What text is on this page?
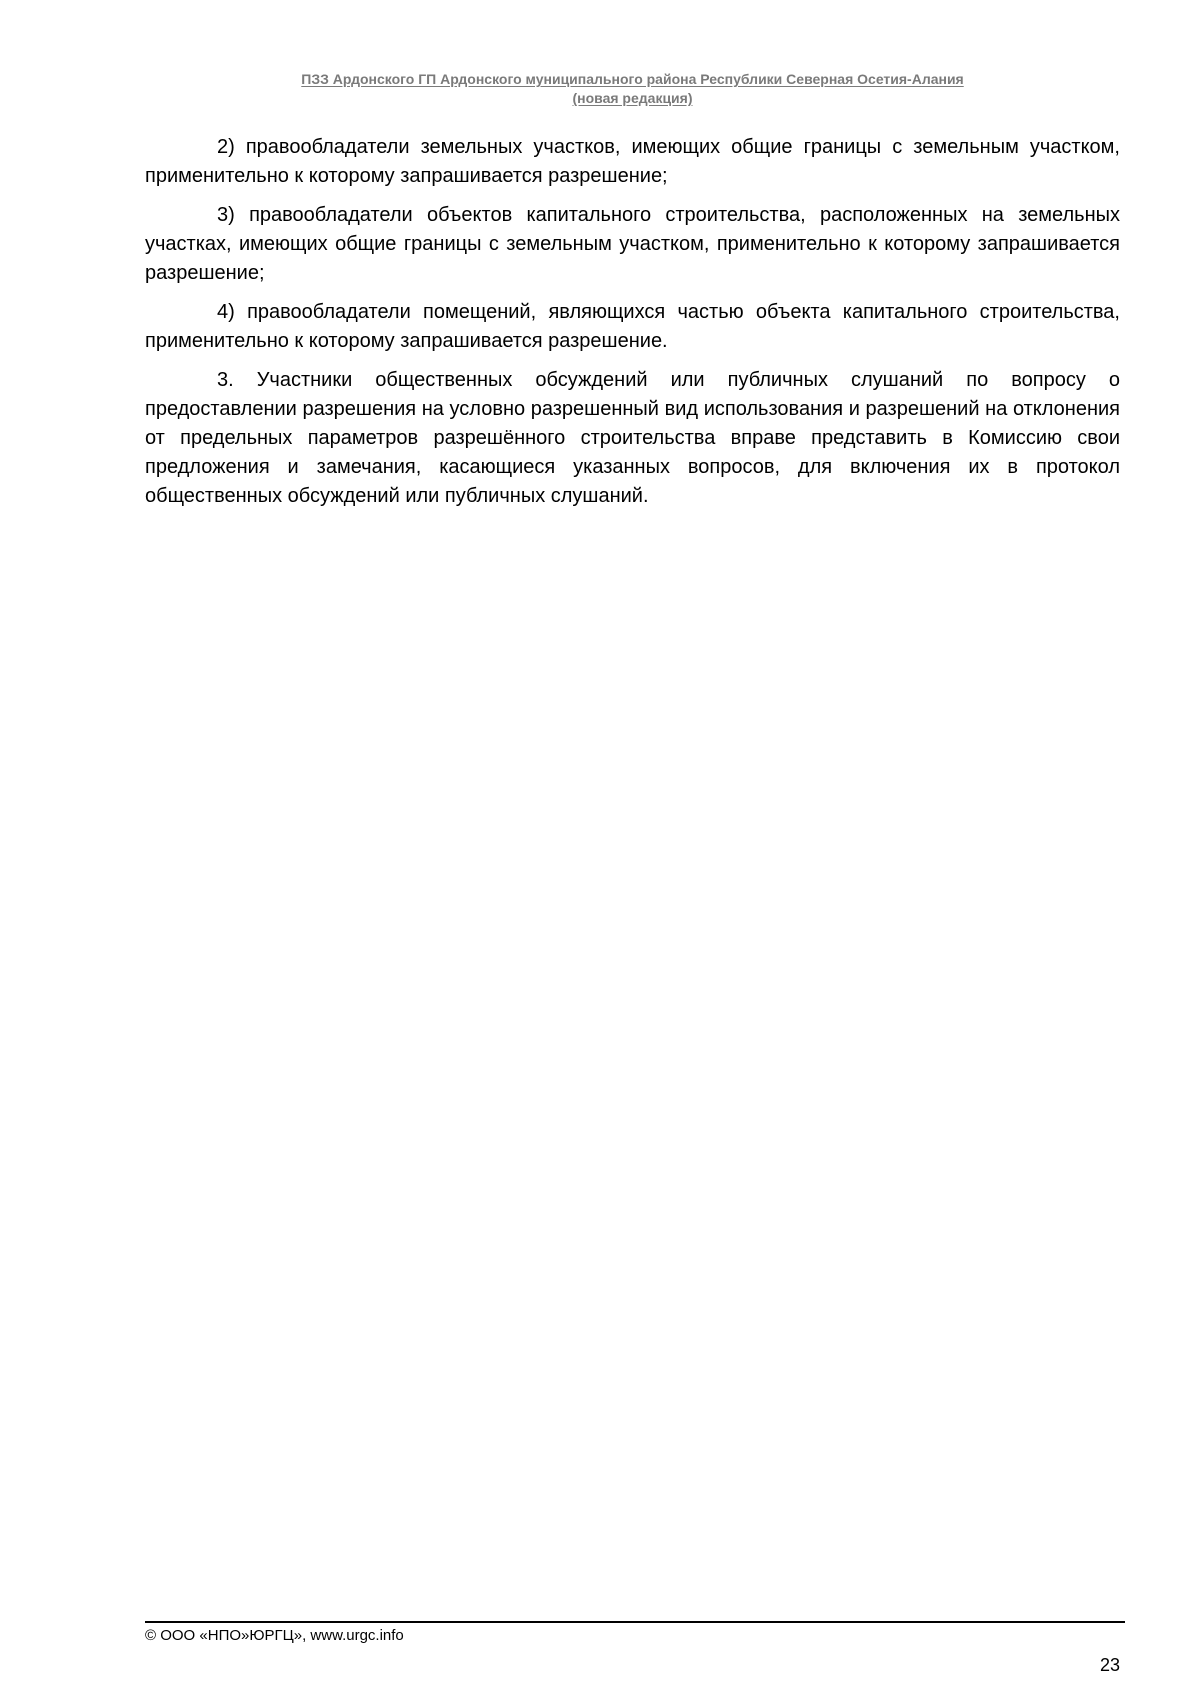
ПЗЗ Ардонского ГП Ардонского муниципального района Республики Северная Осетия-Алания
(новая редакция)

2) правообладатели земельных участков, имеющих общие границы с земельным участком, применительно к которому запрашивается разрешение;

3) правообладатели объектов капитального строительства, расположенных на земельных участках, имеющих общие границы с земельным участком, применительно к которому запрашивается разрешение;

4) правообладатели помещений, являющихся частью объекта капитального строительства, применительно к которому запрашивается разрешение.

3. Участники общественных обсуждений или публичных слушаний по вопросу о предоставлении разрешения на условно разрешенный вид использования и разрешений на отклонения от предельных параметров разрешённого строительства вправе представить в Комиссию свои предложения и замечания, касающиеся указанных вопросов, для включения их в протокол общественных обсуждений или публичных слушаний.

© ООО «НПО»ЮРГЦ», www.urgc.info
23
